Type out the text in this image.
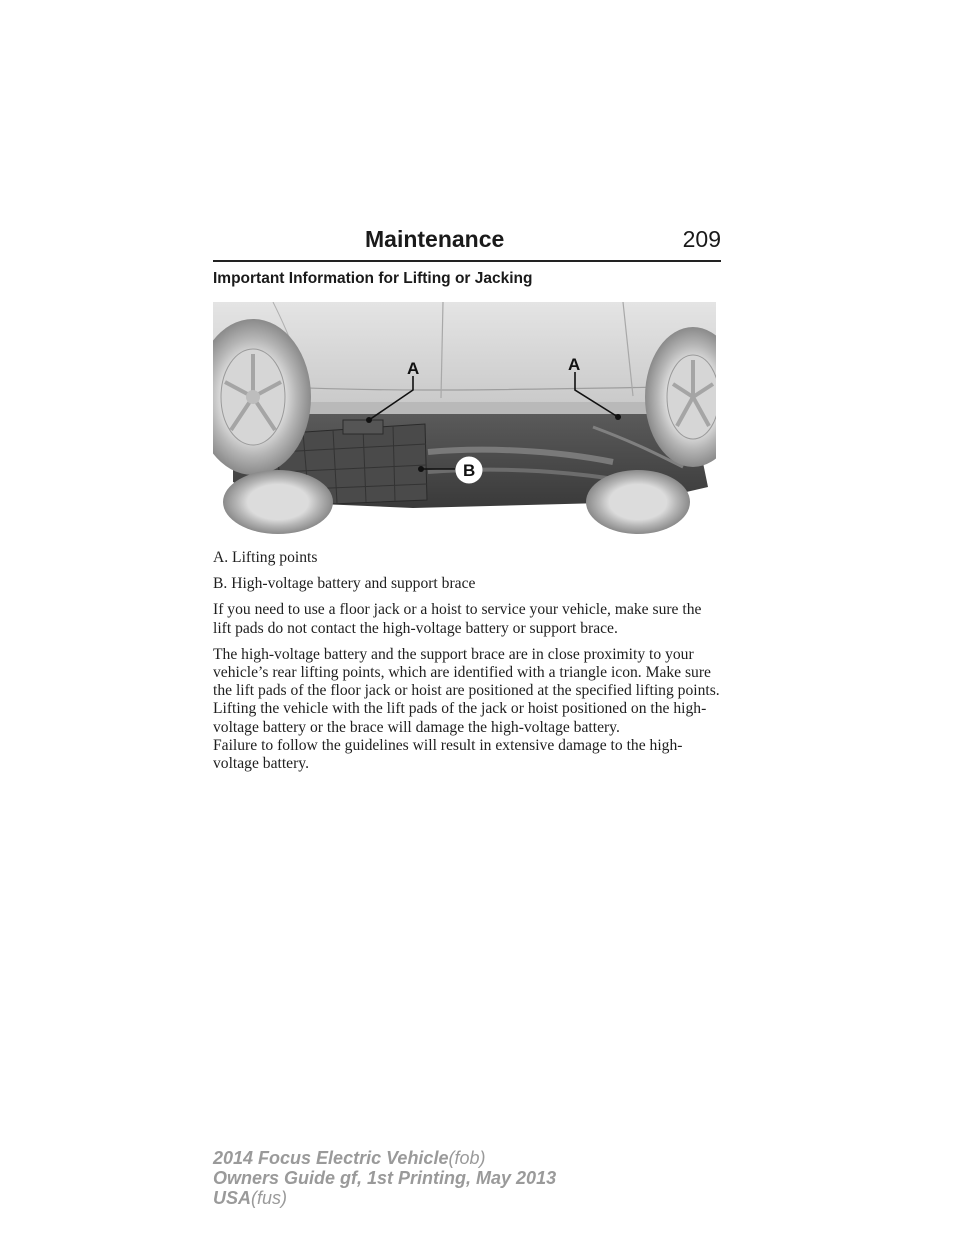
Maintenance	209
Important Information for Lifting or Jacking
A	A
B

A. Lifting points

B. High-voltage battery and support brace

If you need to use a floor jack or a hoist to service your vehicle, make sure the lift pads do not contact the high-voltage battery or support brace.

The high-voltage battery and the support brace are in close proximity to your vehicle’s rear lifting points, which are identified with a triangle icon. Make sure the lift pads of the floor jack or hoist are positioned at the specified lifting points. Lifting the vehicle with the lift pads of the jack or hoist positioned on the high-voltage battery or the brace will damage the high-voltage battery.

Failure to follow the guidelines will result in extensive damage to the high-voltage battery.

2014 Focus Electric Vehicle(fob)
Owners Guide gf, 1st Printing, May 2013
USA(fus)
